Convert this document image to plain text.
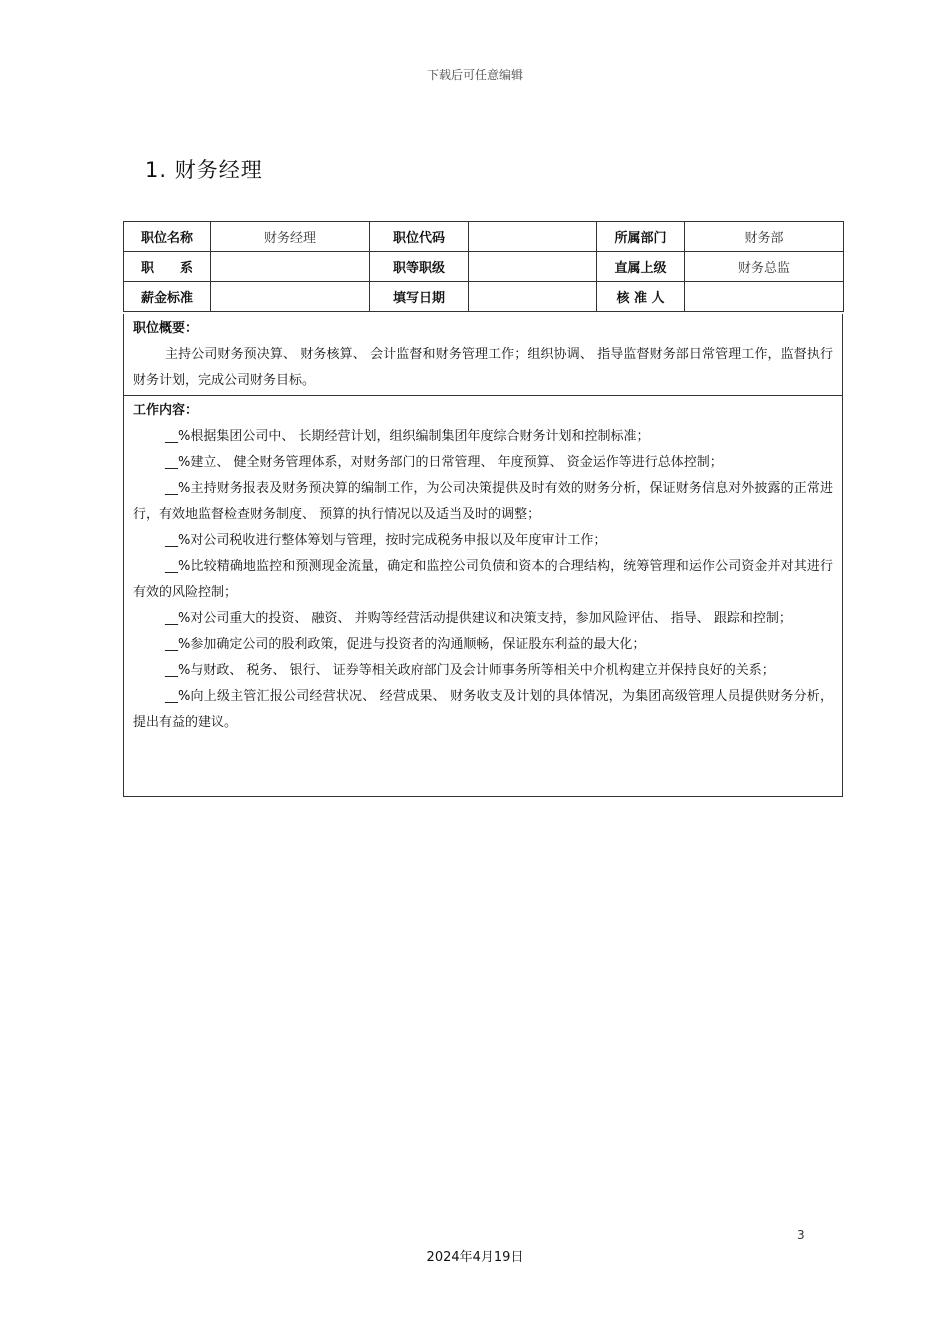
下载后可任意编辑
1. 财务经理
职位名称	财务经理	职位代码		所属部门	财务部
职　　系		职等职级		直属上级	财务总监
薪金标准		填写日期		核 准 人	
职位概要：

主持公司财务预决算、 财务核算、 会计监督和财务管理工作；组织协调、 指导监督财务部日常管理工作，监督执行财务计划，完成公司财务目标。

工作内容：

__%根据集团公司中、 长期经营计划，组织编制集团年度综合财务计划和控制标准；

__%建立、 健全财务管理体系，对财务部门的日常管理、 年度预算、 资金运作等进行总体控制；

__%主持财务报表及财务预决算的编制工作，为公司决策提供及时有效的财务分析，保证财务信息对外披露的正常进行，有效地监督检查财务制度、 预算的执行情况以及适当及时的调整；

__%对公司税收进行整体筹划与管理，按时完成税务申报以及年度审计工作；

__%比较精确地监控和预测现金流量，确定和监控公司负债和资本的合理结构，统筹管理和运作公司资金并对其进行有效的风险控制；

__%对公司重大的投资、 融资、 并购等经营活动提供建议和决策支持，参加风险评估、 指导、 跟踪和控制；

__%参加确定公司的股利政策，促进与投资者的沟通顺畅，保证股东利益的最大化；

__%与财政、 税务、 银行、 证券等相关政府部门及会计师事务所等相关中介机构建立并保持良好的关系；

__%向上级主管汇报公司经营状况、 经营成果、 财务收支及计划的具体情况，为集团高级管理人员提供财务分析，提出有益的建议。

3
2024年4月19日
